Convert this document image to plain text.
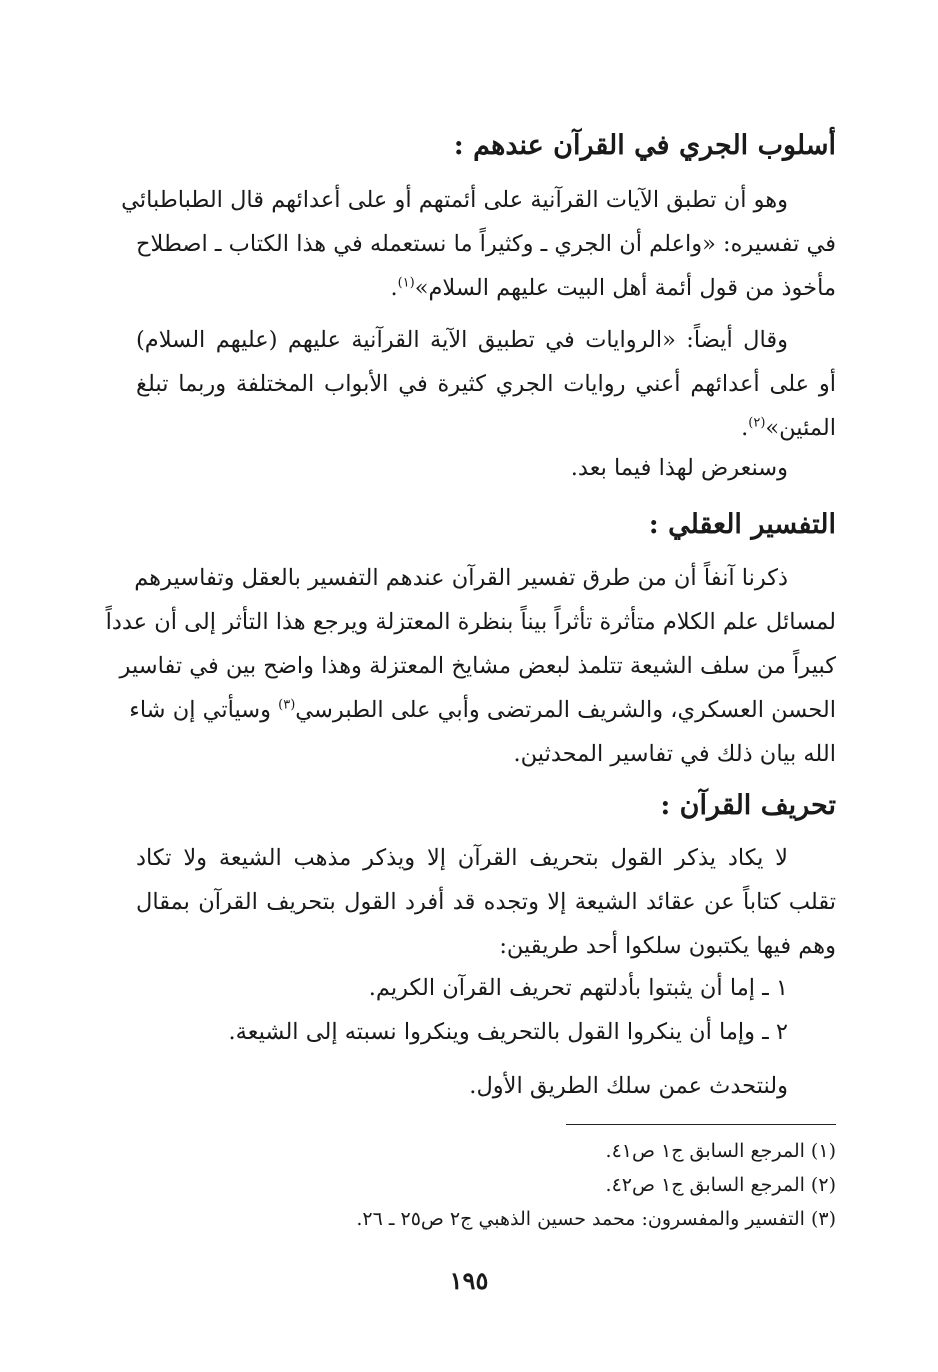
أسلوب الجري في القرآن عندهم :
وهو أن تطبق الآيات القرآنية على أئمتهم أو على أعدائهم قال الطباطبائي
في تفسيره: «واعلم أن الجري ـ وكثيراً ما نستعمله في هذا الكتاب ـ اصطلاح
مأخوذ من قول أئمة أهل البيت عليهم السلام»$^{(١)}$.
وقال أيضاً: «الروايات في تطبيق الآية القرآنية عليهم (عليهم السلام)
أو على أعدائهم أعني روايات الجري كثيرة في الأبواب المختلفة وربما تبلغ
المئين»$^{(٢)}$.
وسنعرض لهذا فيما بعد.
التفسير العقلي :
ذكرنا آنفاً أن من طرق تفسير القرآن عندهم التفسير بالعقل وتفاسيرهم
لمسائل علم الكلام متأثرة تأثراً بيناً بنظرة المعتزلة ويرجع هذا التأثر إلى أن عدداً
كبيراً من سلف الشيعة تتلمذ لبعض مشايخ المعتزلة وهذا واضح بين في تفاسير
الحسن العسكري، والشريف المرتضى وأبي على الطبرسي$^{(٣)}$ وسيأتي إن شاء
الله بيان ذلك في تفاسير المحدثين.
تحريف القرآن :
لا يكاد يذكر القول بتحريف القرآن إلا ويذكر مذهب الشيعة ولا تكاد
تقلب كتاباً عن عقائد الشيعة إلا وتجده قد أفرد القول بتحريف القرآن بمقال
وهم فيها يكتبون سلكوا أحد طريقين:
١ ـ إما أن يثبتوا بأدلتهم تحريف القرآن الكريم.
٢ ـ وإما أن ينكروا القول بالتحريف وينكروا نسبته إلى الشيعة.
ولنتحدث عمن سلك الطريق الأول.
(١) المرجع السابق ج١ ص٤١.
(٢) المرجع السابق ج١ ص٤٢.
(٣) التفسير والمفسرون: محمد حسين الذهبي ج٢ ص٢٥ ـ ٢٦.
١٩٥
